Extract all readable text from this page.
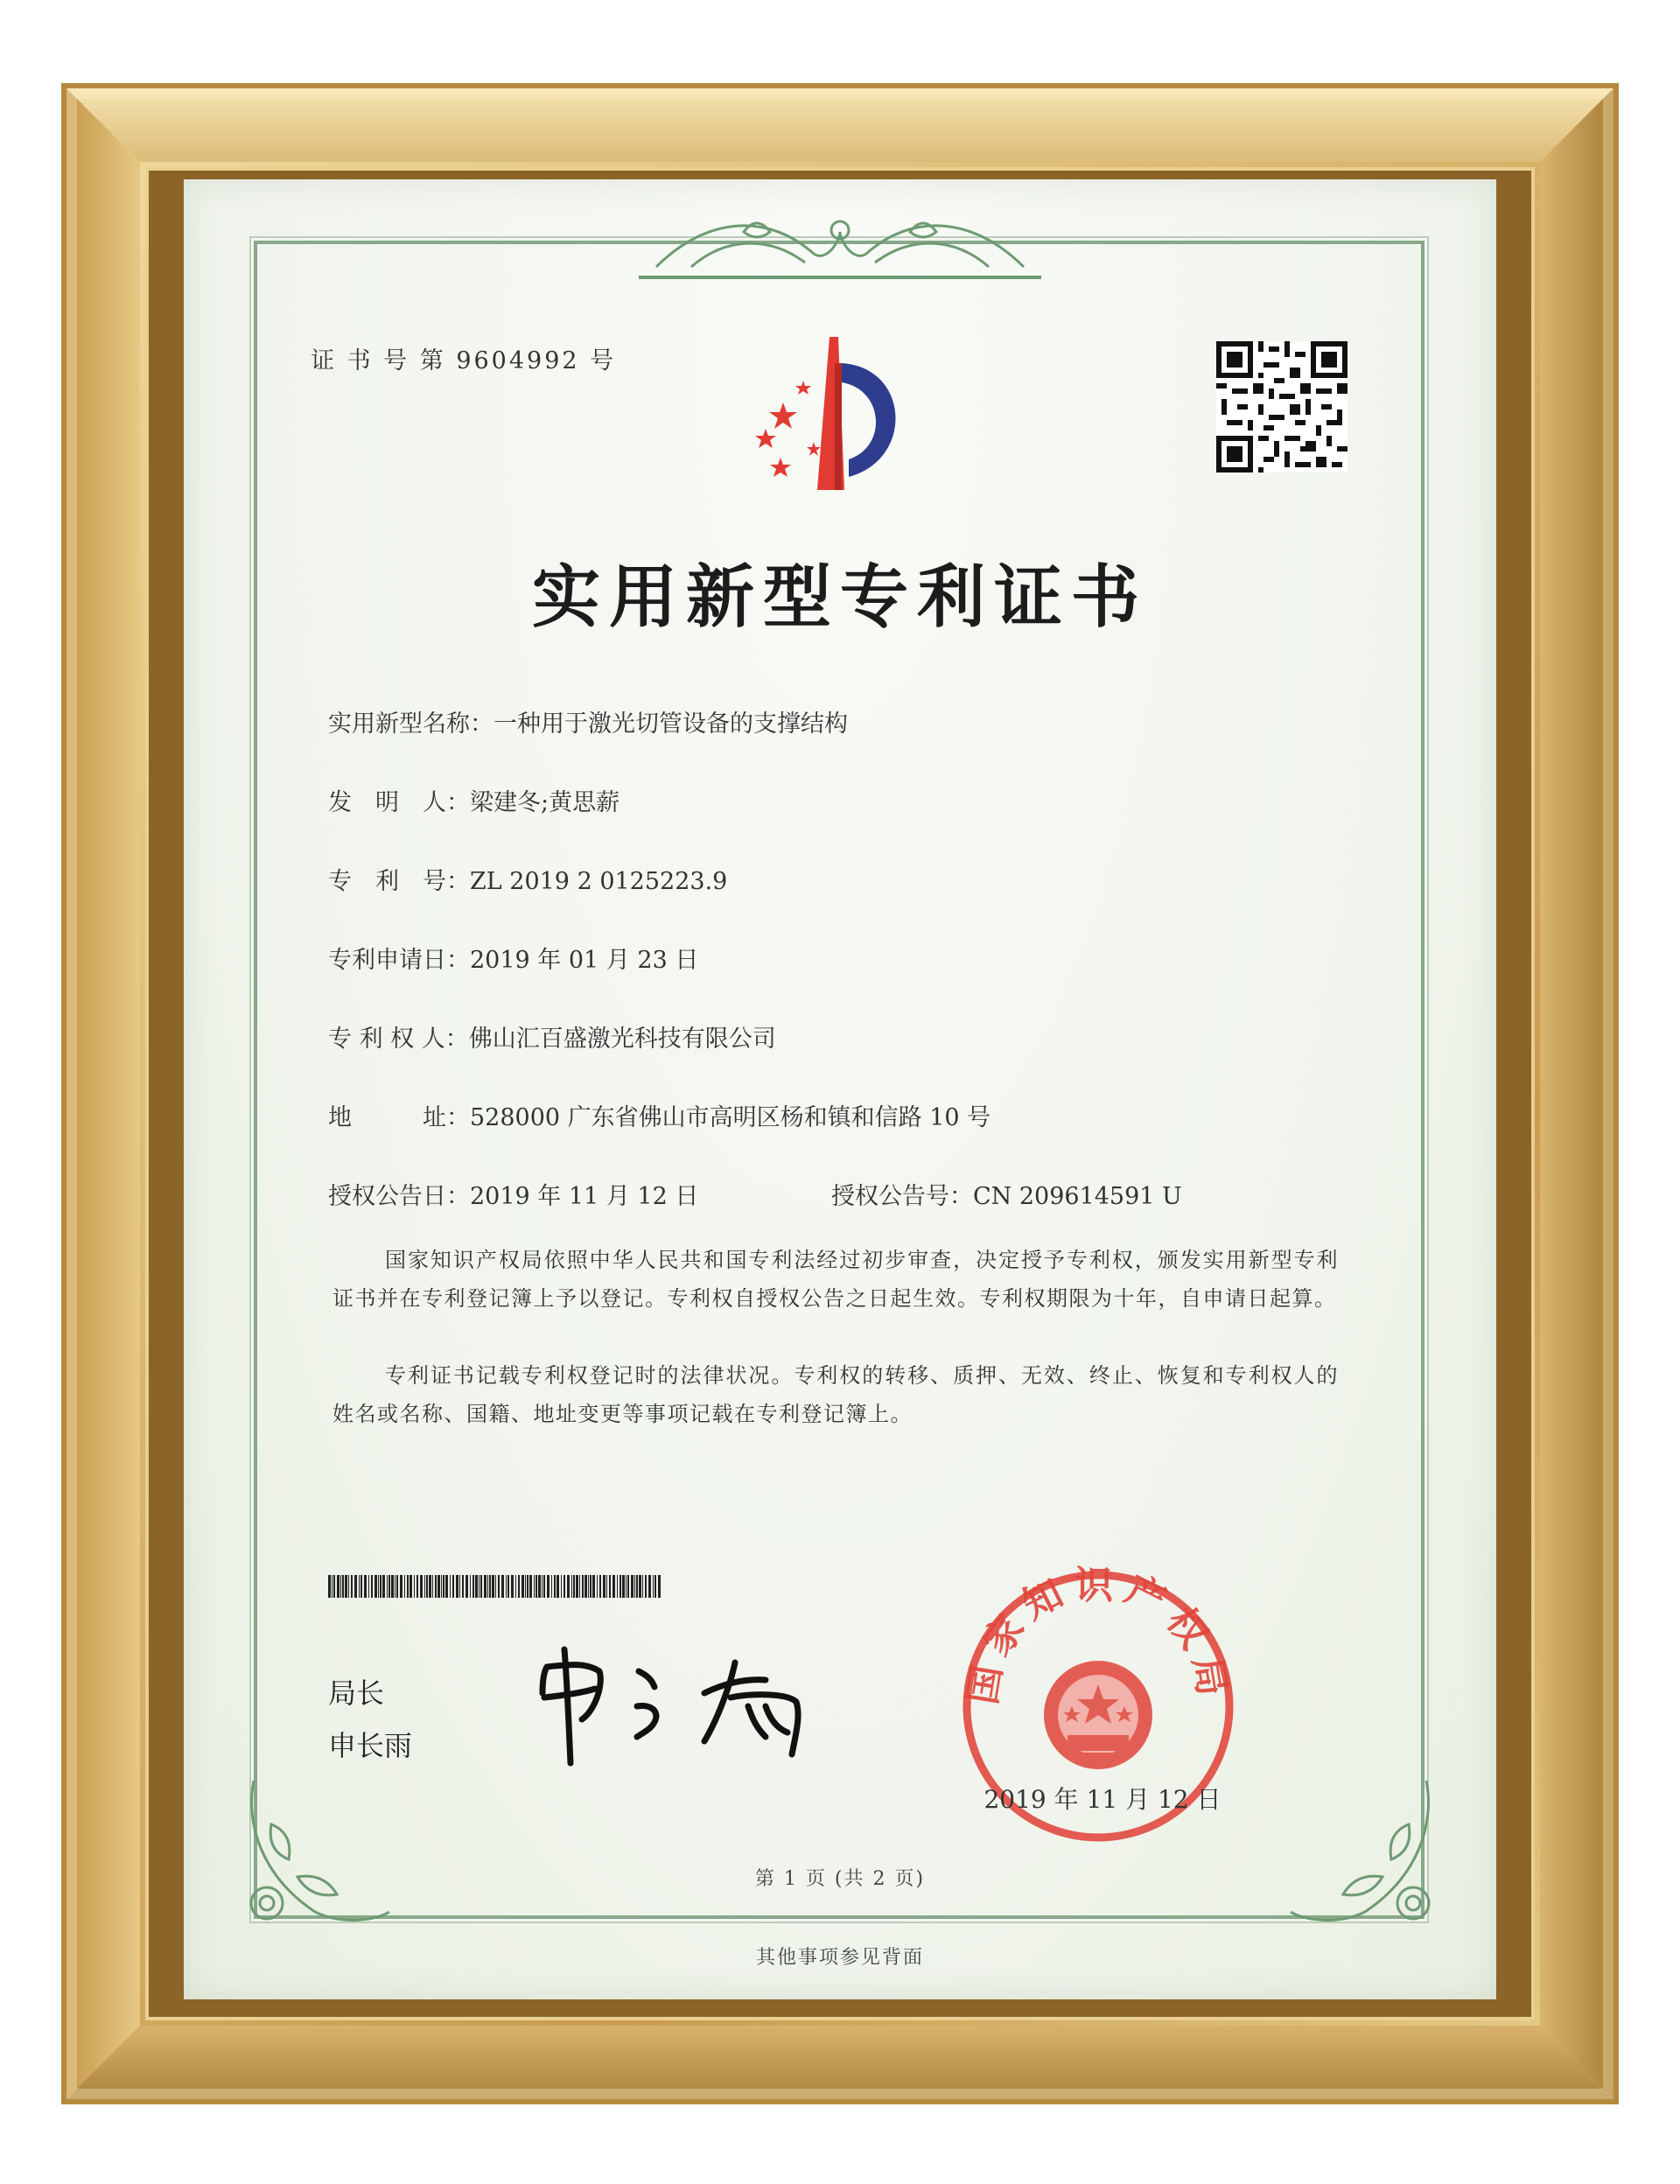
证 书 号 第 9604992 号
实用新型专利证书
实用新型名称：一种用于激光切管设备的支撑结构
发　明　人：梁建冬;黄思薪
专　利　号：ZL 2019 2 0125223.9
专利申请日：2019 年 01 月 23 日
专 利 权 人：佛山汇百盛激光科技有限公司
地　　　址：528000 广东省佛山市高明区杨和镇和信路 10 号
授权公告日：2019 年 11 月 12 日	授权公告号：CN 209614591 U
国家知识产权局依照中华人民共和国专利法经过初步审查，决定授予专利权，颁发实用新型专利证书并在专利登记簿上予以登记。专利权自授权公告之日起生效。专利权期限为十年，自申请日起算。
专利证书记载专利权登记时的法律状况。专利权的转移、质押、无效、终止、恢复和专利权人的姓名或名称、国籍、地址变更等事项记载在专利登记簿上。
局长
申长雨
国家知识产权局
2019 年 11 月 12 日
第 1 页 (共 2 页)
其他事项参见背面
